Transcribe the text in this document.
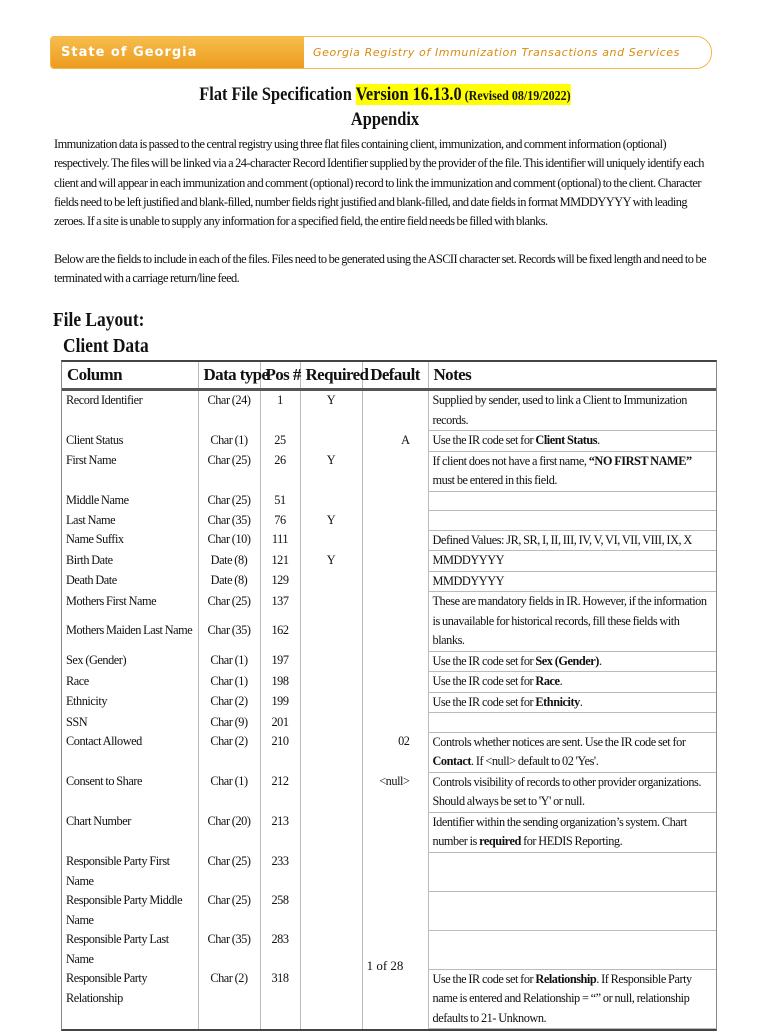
State of Georgia	Georgia Registry of Immunization Transactions and Services
Flat File Specification Version 16.13.0 (Revised 08/19/2022)
Appendix
Immunization data is passed to the central registry using three flat files containing client, immunization, and comment information (optional) respectively. The files will be linked via a 24-character Record Identifier supplied by the provider of the file. This identifier will uniquely identify each client and will appear in each immunization and comment (optional) record to link the immunization and comment (optional) to the client. Character fields need to be left justified and blank-filled, number fields right justified and blank-filled, and date fields in format MMDDYYYY with leading zeroes. If a site is unable to supply any information for a specified field, the entire field needs be filled with blanks.
Below are the fields to include in each of the files. Files need to be generated using the ASCII character set. Records will be fixed length and need to be terminated with a carriage return/line feed.
File Layout:
Client Data
Column	Data type	Pos #	Required	Default	Notes
Record Identifier	Char (24)	1	Y		Supplied by sender, used to link a Client to Immunization records.
Client Status	Char (1)	25		A	Use the IR code set for Client Status.
First Name	Char (25)	26	Y		If client does not have a first name, “NO FIRST NAME” must be entered in this field.
Middle Name	Char (25)	51			
Last Name	Char (35)	76	Y		
Name Suffix	Char (10)	111			Defined Values: JR, SR, I, II, III, IV, V, VI, VII, VIII, IX, X
Birth Date	Date (8)	121	Y		MMDDYYYY
Death Date	Date (8)	129			MMDDYYYY
Mothers First Name	Char (25)	137			These are mandatory fields in IR. However, if the information is unavailable for historical records, fill these fields with blanks.
Mothers Maiden Last Name	Char (35)	162			
Sex (Gender)	Char (1)	197			Use the IR code set for Sex (Gender).
Race	Char (1)	198			Use the IR code set for Race.
Ethnicity	Char (2)	199			Use the IR code set for Ethnicity.
SSN	Char (9)	201			
Contact Allowed	Char (2)	210		02	Controls whether notices are sent. Use the IR code set for Contact. If <null> default to 02 'Yes'.
Consent to Share	Char (1)	212		<null>	Controls visibility of records to other provider organizations. Should always be set to 'Y' or null.
Chart Number	Char (20)	213			Identifier within the sending organization’s system. Chart number is required for HEDIS Reporting.
Responsible Party First Name	Char (25)	233			
Responsible Party Middle Name	Char (25)	258			
Responsible Party Last Name	Char (35)	283			
Responsible Party Relationship	Char (2)	318			Use the IR code set for Relationship. If Responsible Party name is entered and Relationship = “” or null, relationship defaults to 21- Unknown.
1 of 28
